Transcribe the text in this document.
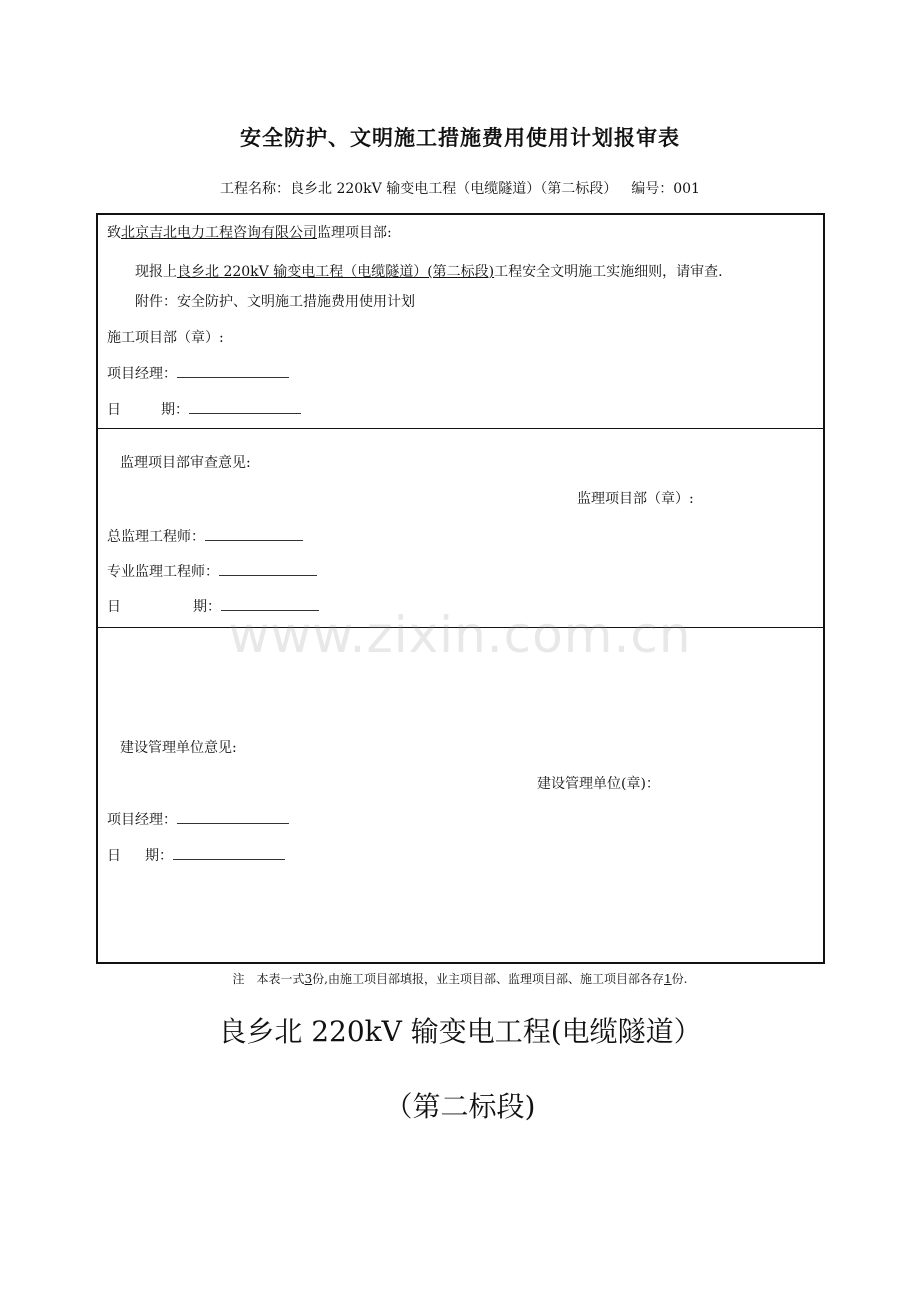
安全防护、文明施工措施费用使用计划报审表
工程名称：良乡北 220kV 输变电工程（电缆隧道）（第二标段） 编号：001
致北京吉北电力工程咨询有限公司监理项目部:
现报上良乡北 220kV 输变电工程（电缆隧道）(第二标段)工程安全文明施工实施细则，请审查.
附件：安全防护、文明施工措施费用使用计划
施工项目部（章）:
项目经理：
日	期：
监理项目部审查意见:
监理项目部（章）:
总监理工程师：
专业监理工程师：
日	期：
建设管理单位意见:
建设管理单位(章)：
项目经理：
日 期：
注　本表一式3份,由施工项目部填报，业主项目部、监理项目部、施工项目部各存1份.
良乡北 220kV 输变电工程(电缆隧道）
（第二标段)
www.zixin.com.cn
